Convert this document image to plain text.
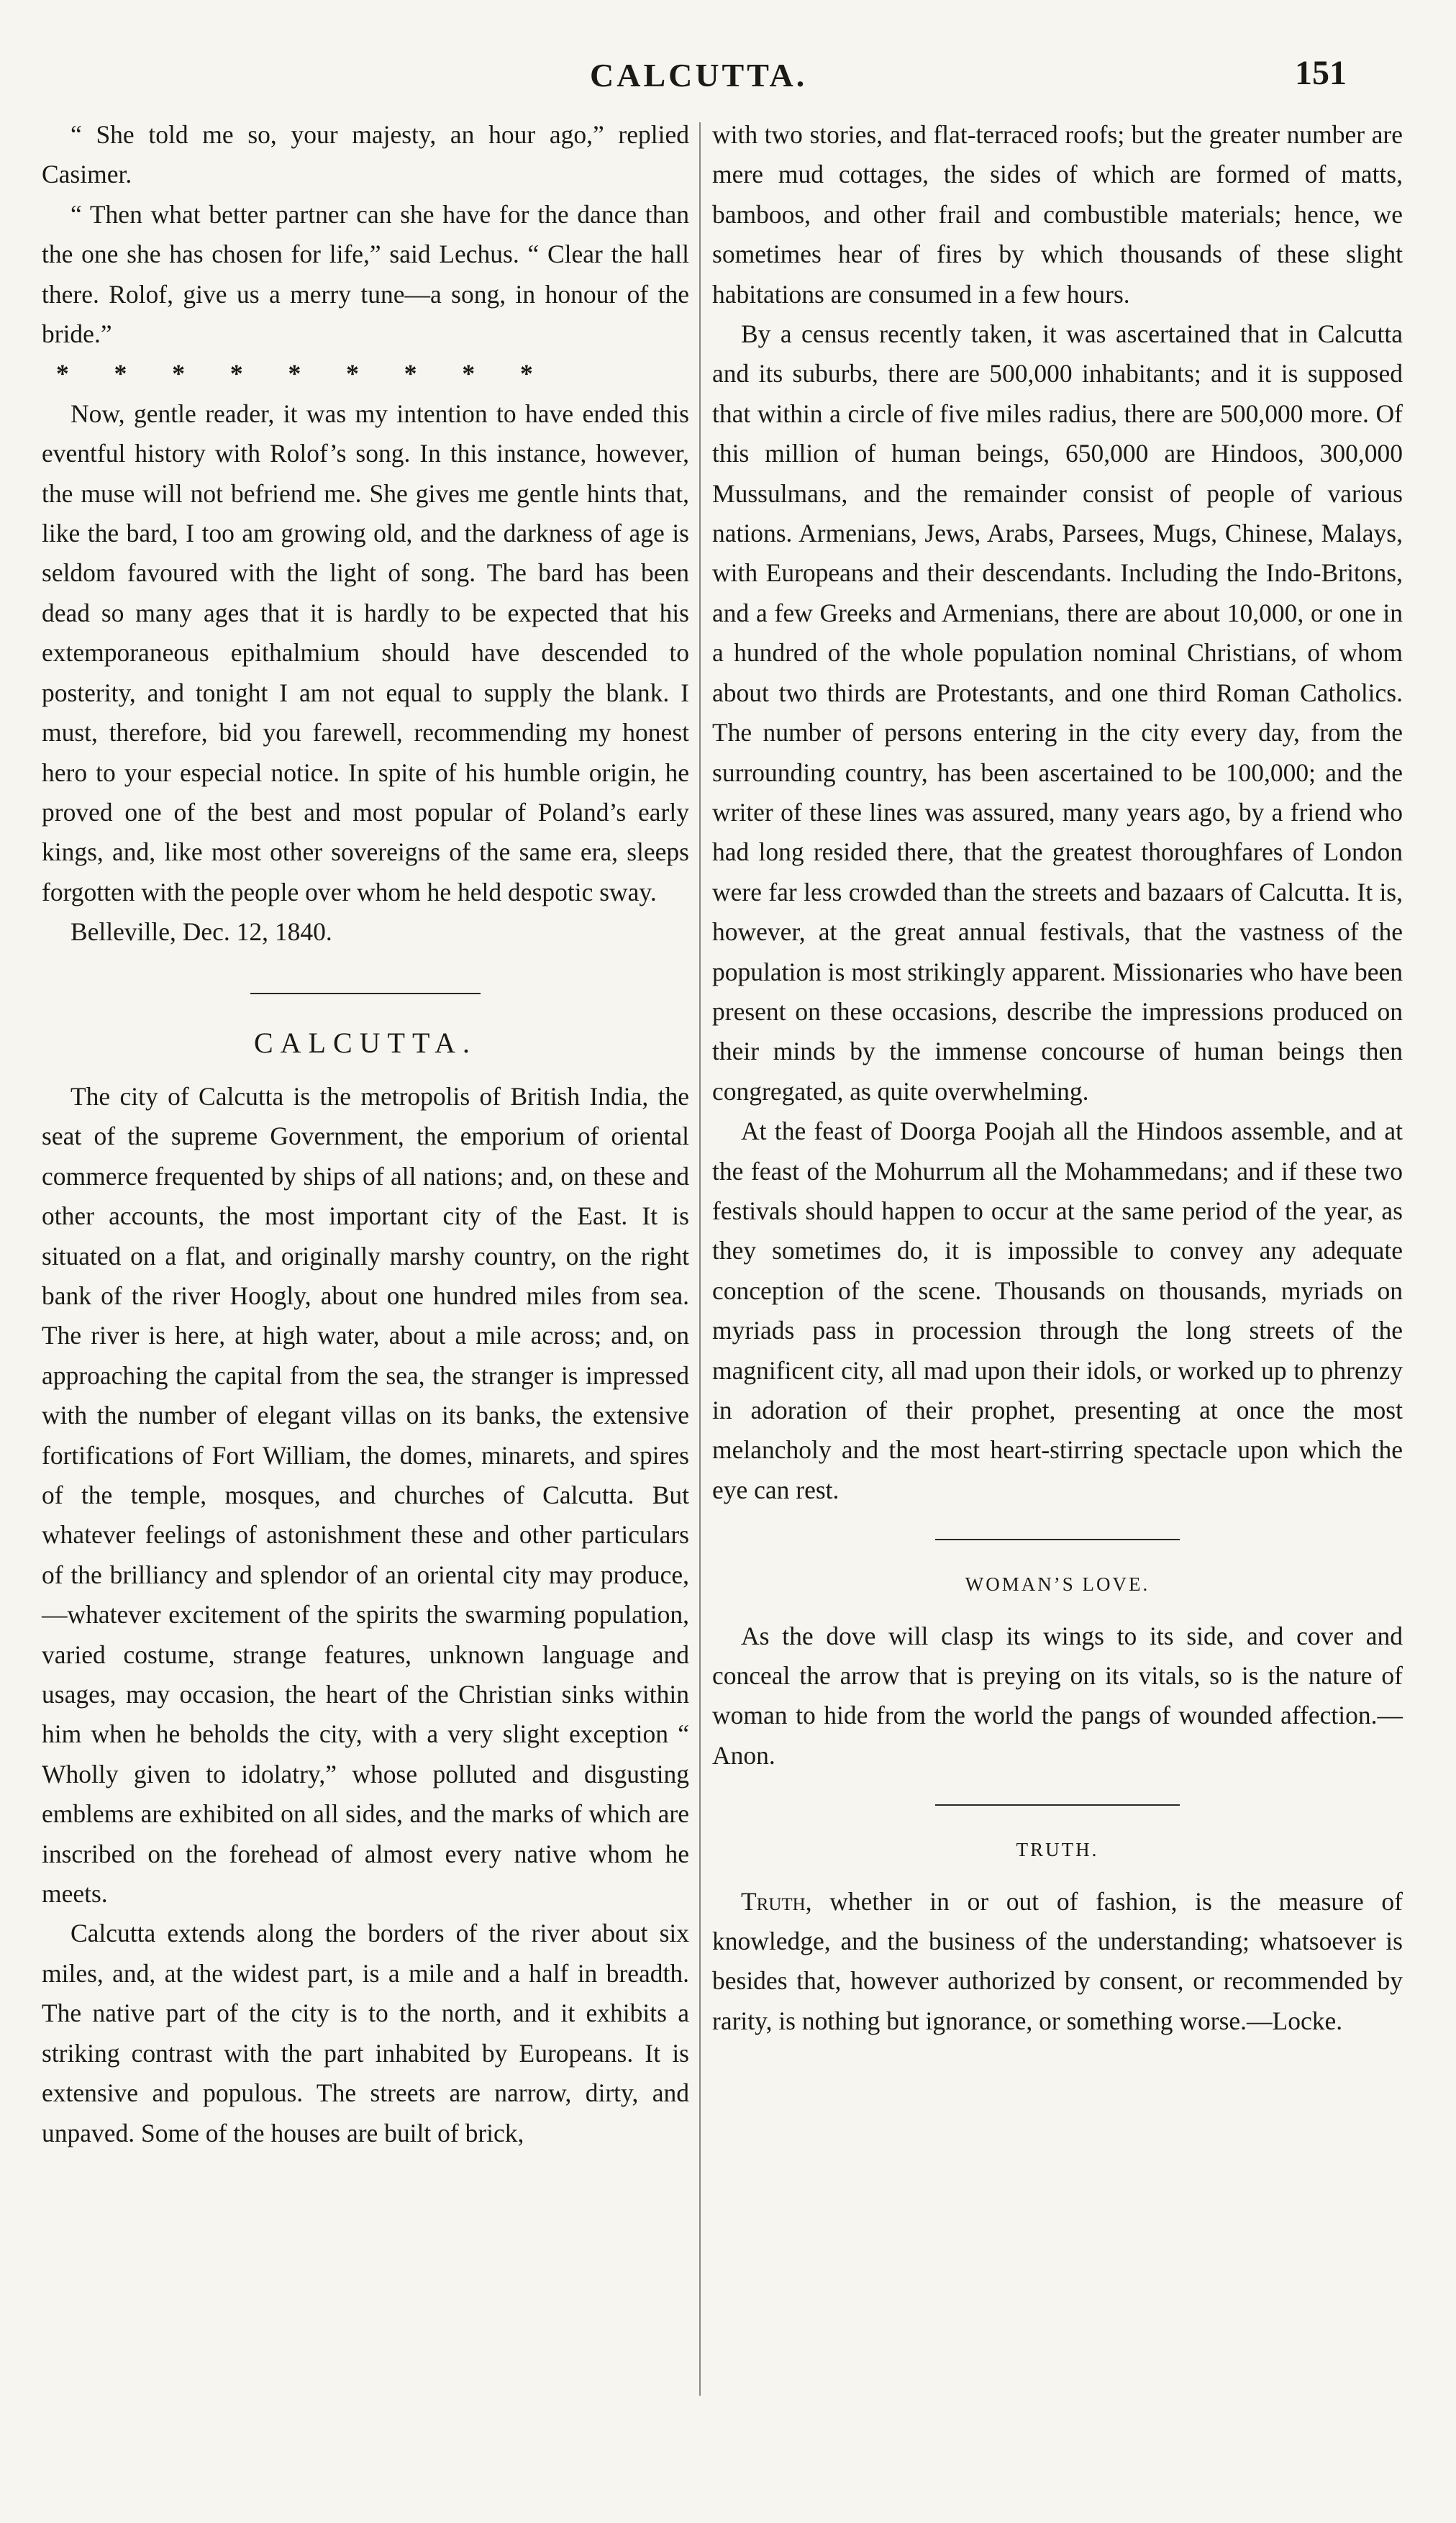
CALCUTTA.	151

“ She told me so, your majesty, an hour ago,” replied Casimer.

“ Then what better partner can she have for the dance than the one she has chosen for life,” said Lechus. “ Clear the hall there. Rolof, give us a merry tune—a song, in honour of the bride.”

* * * * * * * * *

Now, gentle reader, it was my intention to have ended this eventful history with Rolof’s song. In this instance, however, the muse will not befriend me. She gives me gentle hints that, like the bard, I too am growing old, and the darkness of age is seldom favoured with the light of song. The bard has been dead so many ages that it is hardly to be expected that his extemporaneous epithalmium should have descended to posterity, and tonight I am not equal to supply the blank. I must, therefore, bid you farewell, recommending my honest hero to your especial notice. In spite of his humble origin, he proved one of the best and most popular of Poland’s early kings, and, like most other sovereigns of the same era, sleeps forgotten with the people over whom he held despotic sway.

Belleville, Dec. 12, 1840.

CALCUTTA.

The city of Calcutta is the metropolis of British India, the seat of the supreme Government, the emporium of oriental commerce frequented by ships of all nations; and, on these and other accounts, the most important city of the East. It is situated on a flat, and originally marshy country, on the right bank of the river Hoogly, about one hundred miles from sea. The river is here, at high water, about a mile across; and, on approaching the capital from the sea, the stranger is impressed with the number of elegant villas on its banks, the extensive fortifications of Fort William, the domes, minarets, and spires of the temple, mosques, and churches of Calcutta. But whatever feelings of astonishment these and other particulars of the brilliancy and splendor of an oriental city may produce,—whatever excitement of the spirits the swarming population, varied costume, strange features, unknown language and usages, may occasion, the heart of the Christian sinks within him when he beholds the city, with a very slight exception “ Wholly given to idolatry,” whose polluted and disgusting emblems are exhibited on all sides, and the marks of which are inscribed on the forehead of almost every native whom he meets.

Calcutta extends along the borders of the river about six miles, and, at the widest part, is a mile and a half in breadth. The native part of the city is to the north, and it exhibits a striking contrast with the part inhabited by Europeans. It is extensive and populous. The streets are narrow, dirty, and unpaved. Some of the houses are built of brick,

with two stories, and flat-terraced roofs; but the greater number are mere mud cottages, the sides of which are formed of matts, bamboos, and other frail and combustible materials; hence, we sometimes hear of fires by which thousands of these slight habitations are consumed in a few hours.

By a census recently taken, it was ascertained that in Calcutta and its suburbs, there are 500,000 inhabitants; and it is supposed that within a circle of five miles radius, there are 500,000 more. Of this million of human beings, 650,000 are Hindoos, 300,000 Mussulmans, and the remainder consist of people of various nations. Armenians, Jews, Arabs, Parsees, Mugs, Chinese, Malays, with Europeans and their descendants. Including the Indo-Britons, and a few Greeks and Armenians, there are about 10,000, or one in a hundred of the whole population nominal Christians, of whom about two thirds are Protestants, and one third Roman Catholics. The number of persons entering in the city every day, from the surrounding country, has been ascertained to be 100,000; and the writer of these lines was assured, many years ago, by a friend who had long resided there, that the greatest thoroughfares of London were far less crowded than the streets and bazaars of Calcutta. It is, however, at the great annual festivals, that the vastness of the population is most strikingly apparent. Missionaries who have been present on these occasions, describe the impressions produced on their minds by the immense concourse of human beings then congregated, as quite overwhelming.

At the feast of Doorga Poojah all the Hindoos assemble, and at the feast of the Mohurrum all the Mohammedans; and if these two festivals should happen to occur at the same period of the year, as they sometimes do, it is impossible to convey any adequate conception of the scene. Thousands on thousands, myriads on myriads pass in procession through the long streets of the magnificent city, all mad upon their idols, or worked up to phrenzy in adoration of their prophet, presenting at once the most melancholy and the most heart-stirring spectacle upon which the eye can rest.

WOMAN’S LOVE.

As the dove will clasp its wings to its side, and cover and conceal the arrow that is preying on its vitals, so is the nature of woman to hide from the world the pangs of wounded affection.—Anon.

TRUTH.

Truth, whether in or out of fashion, is the measure of knowledge, and the business of the understanding; whatsoever is besides that, however authorized by consent, or recommended by rarity, is nothing but ignorance, or something worse.—Locke.
